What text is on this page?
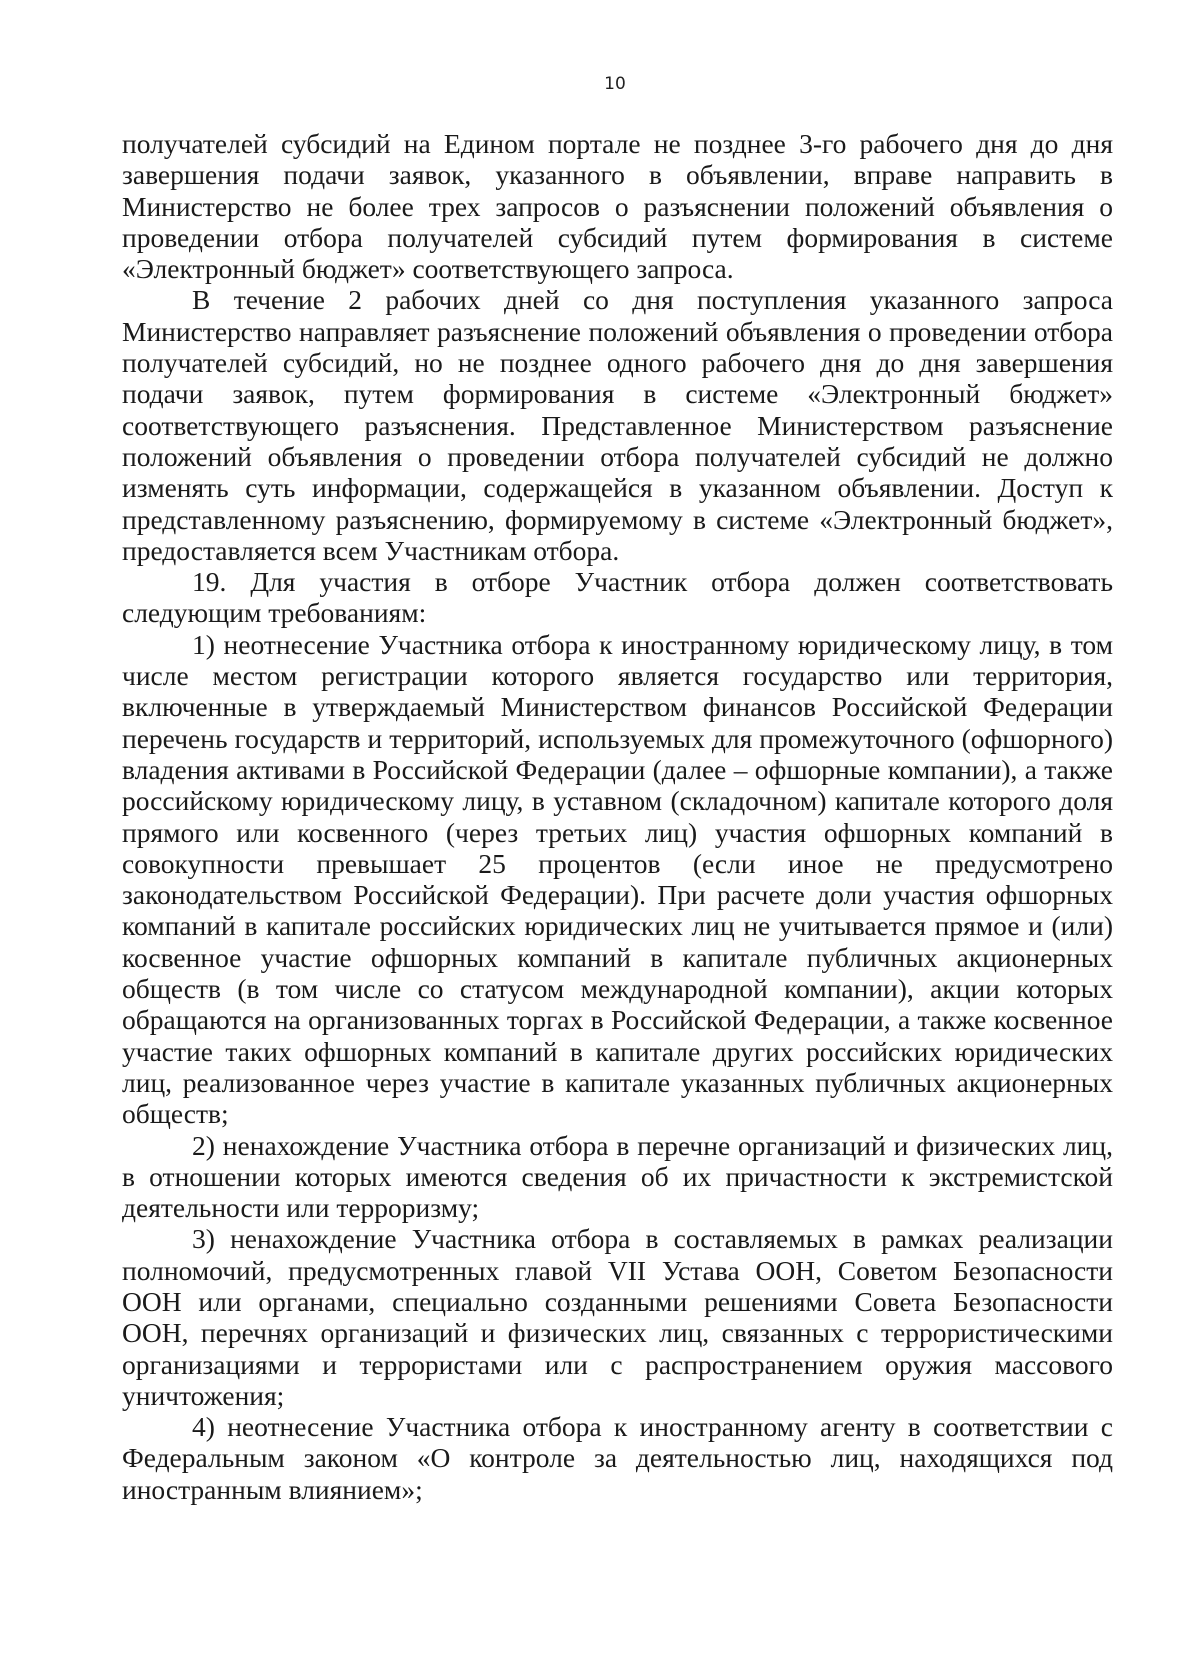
10

получателей субсидий на Едином портале не позднее 3-го рабочего дня до дня завершения подачи заявок, указанного в объявлении, вправе направить в Министерство не более трех запросов о разъяснении положений объявления о проведении отбора получателей субсидий путем формирования в системе «Электронный бюджет» соответствующего запроса.

В течение 2 рабочих дней со дня поступления указанного запроса Министерство направляет разъяснение положений объявления о проведении отбора получателей субсидий, но не позднее одного рабочего дня до дня завершения подачи заявок, путем формирования в системе «Электронный бюджет» соответствующего разъяснения. Представленное Министерством разъяснение положений объявления о проведении отбора получателей субсидий не должно изменять суть информации, содержащейся в указанном объявлении. Доступ к представленному разъяснению, формируемому в системе «Электронный бюджет», предоставляется всем Участникам отбора.

19. Для участия в отборе Участник отбора должен соответствовать следующим требованиям:

1) неотнесение Участника отбора к иностранному юридическому лицу, в том числе местом регистрации которого является государство или территория, включенные в утверждаемый Министерством финансов Российской Федерации перечень государств и территорий, используемых для промежуточного (офшорного) владения активами в Российской Федерации (далее – офшорные компании), а также российскому юридическому лицу, в уставном (складочном) капитале которого доля прямого или косвенного (через третьих лиц) участия офшорных компаний в совокупности превышает 25 процентов (если иное не предусмотрено законодательством Российской Федерации). При расчете доли участия офшорных компаний в капитале российских юридических лиц не учитывается прямое и (или) косвенное участие офшорных компаний в капитале публичных акционерных обществ (в том числе со статусом международной компании), акции которых обращаются на организованных торгах в Российской Федерации, а также косвенное участие таких офшорных компаний в капитале других российских юридических лиц, реализованное через участие в капитале указанных публичных акционерных обществ;

2) ненахождение Участника отбора в перечне организаций и физических лиц, в отношении которых имеются сведения об их причастности к экстремистской деятельности или терроризму;

3) ненахождение Участника отбора в составляемых в рамках реализации полномочий, предусмотренных главой VII Устава ООН, Советом Безопасности ООН или органами, специально созданными решениями Совета Безопасности ООН, перечнях организаций и физических лиц, связанных с террористическими организациями и террористами или с распространением оружия массового уничтожения;

4) неотнесение Участника отбора к иностранному агенту в соответствии с Федеральным законом «О контроле за деятельностью лиц, находящихся под иностранным влиянием»;
